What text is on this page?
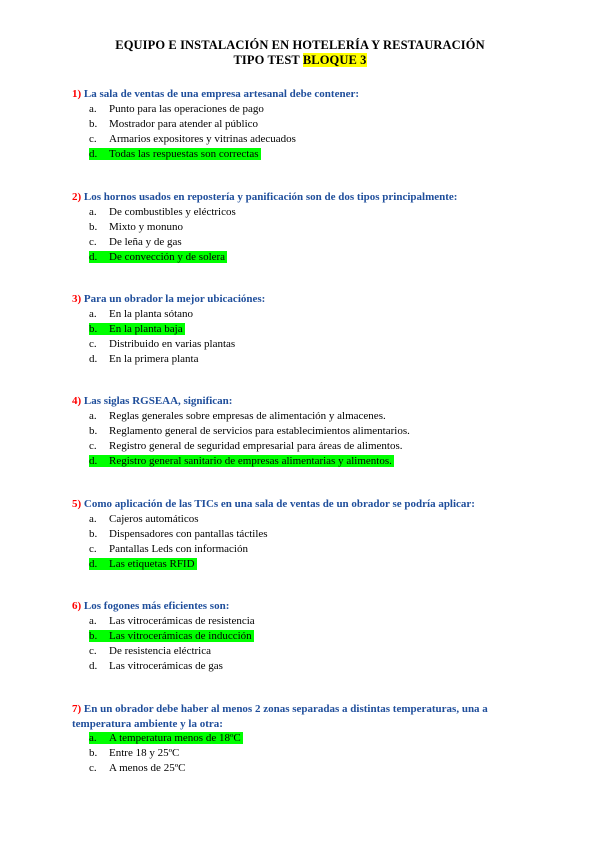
EQUIPO E INSTALACIÓN EN HOTELERÍA Y RESTAURACIÓN
TIPO TEST BLOQUE 3
1) La sala de ventas de una empresa artesanal debe contener:
a. Punto para las operaciones de pago
b. Mostrador para atender al público
c. Armarios expositores y vitrinas adecuados
d. Todas las respuestas son correctas
2) Los hornos usados en repostería y panificación son de dos tipos principalmente:
a. De combustibles y eléctricos
b. Mixto y monuno
c. De leña y de gas
d. De convección y de solera
3) Para un obrador la mejor ubicaciónes:
a. En la planta sótano
b. En la planta baja
c. Distribuido en varias plantas
d. En la primera planta
4) Las siglas RGSEAA, significan:
a. Reglas generales sobre empresas de alimentación y almacenes.
b. Reglamento general de servicios para establecimientos alimentarios.
c. Registro general de seguridad empresarial para áreas de alimentos.
d. Registro general sanitario de empresas alimentarias y alimentos.
5) Como aplicación de las TICs en una sala de ventas de un obrador se podría aplicar:
a. Cajeros automáticos
b. Dispensadores con pantallas táctiles
c. Pantallas Leds con información
d. Las etiquetas RFID
6) Los fogones más eficientes son:
a. Las vitrocerámicas de resistencia
b. Las vitrocerámicas de inducción
c. De resistencia eléctrica
d. Las vitrocerámicas de gas
7) En un obrador debe haber al menos 2 zonas separadas a distintas temperaturas, una a temperatura ambiente y la otra:
a. A temperatura menos de 18ºC
b. Entre 18 y 25ºC
c. A menos de 25ºC
